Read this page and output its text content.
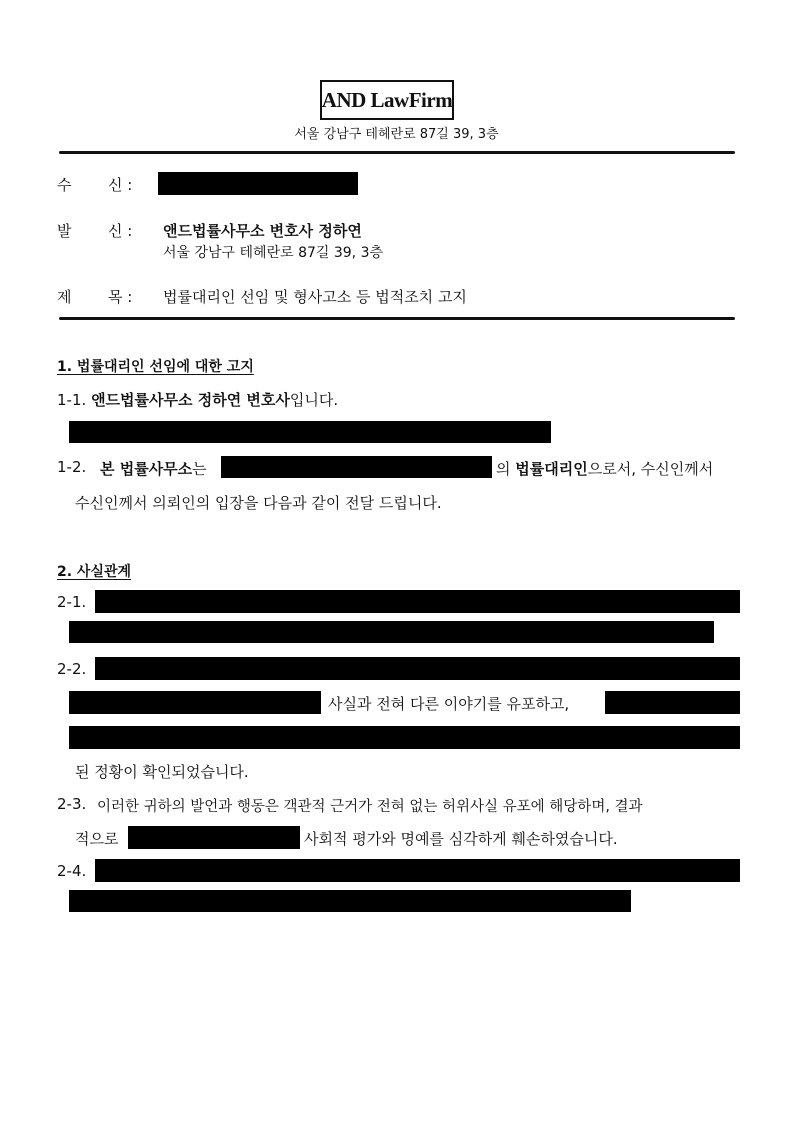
AND LawFirm
서울 강남구 테헤란로 87길 39, 3층
수 신 :
발 신 : 앤드법률사무소 변호사 정하연
서울 강남구 테헤란로 87길 39, 3층
제 목 : 법률대리인 선임 및 형사고소 등 법적조치 고지
1. 법률대리인 선임에 대한 고지
1-1. 앤드법률사무소 정하연 변호사입니다.
1-2. 본 법률사무소는	의 법률대리인으로서, 수신인께서
수신인께서 의뢰인의 입장을 다음과 같이 전달 드립니다.
2. 사실관계
2-1.
2-2.
사실과 전혀 다른 이야기를 유포하고,
된 정황이 확인되었습니다.
2-3. 이러한 귀하의 발언과 행동은 객관적 근거가 전혀 없는 허위사실 유포에 해당하며, 결과
적으로	사회적 평가와 명예를 심각하게 훼손하였습니다.
2-4.
